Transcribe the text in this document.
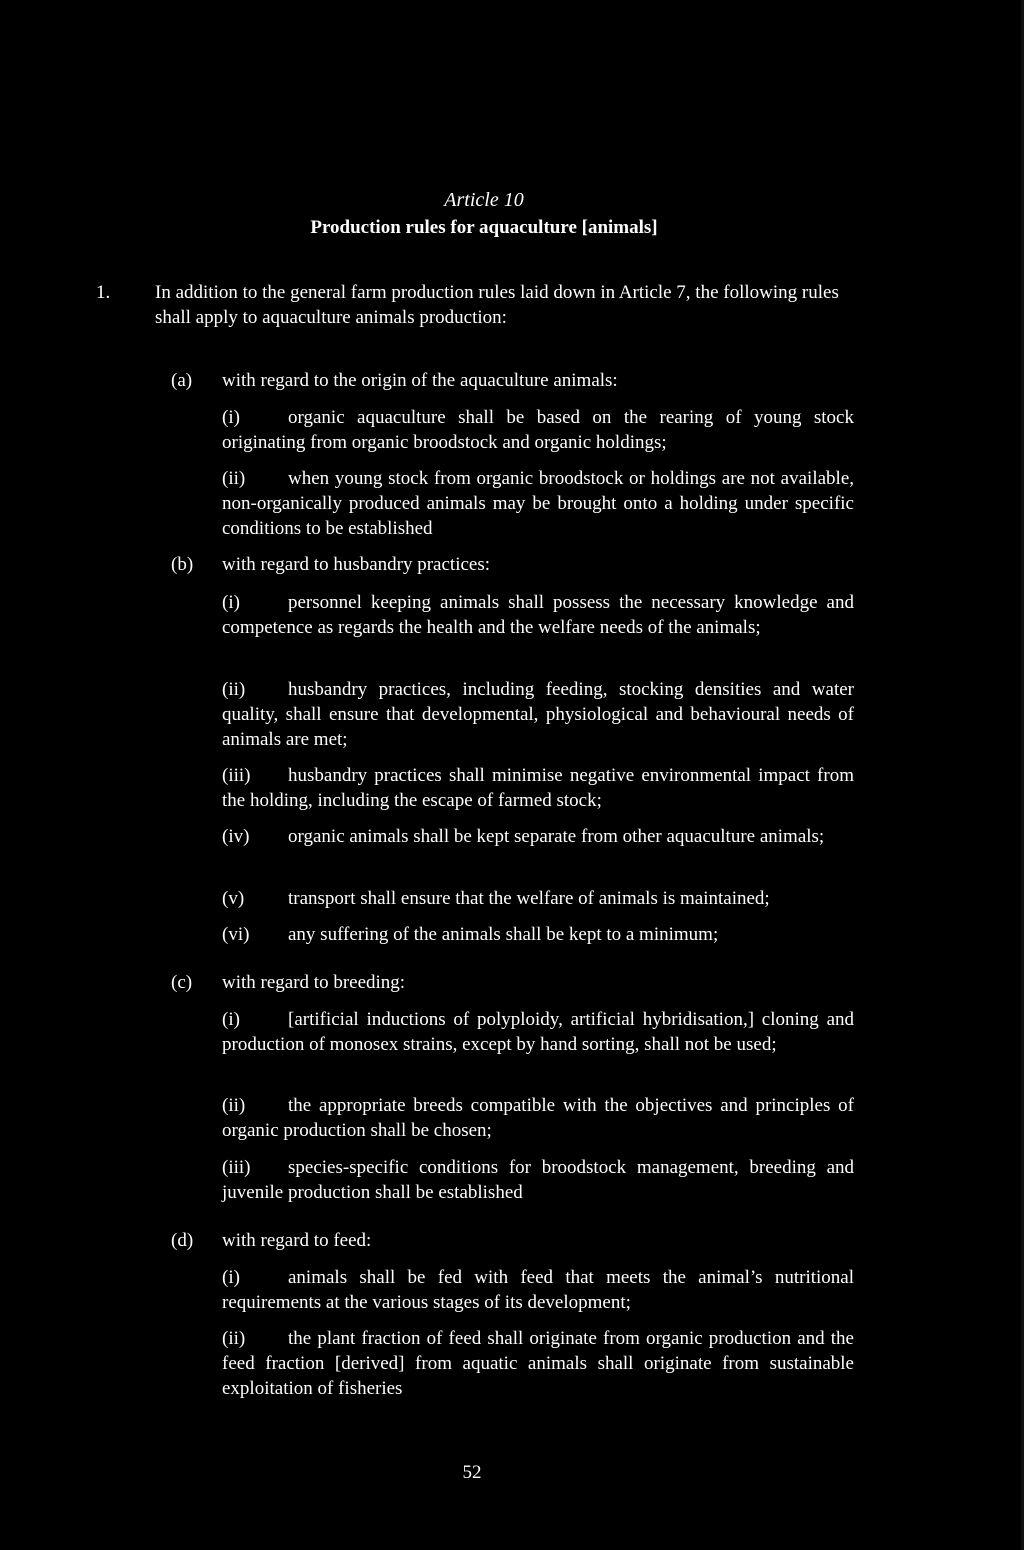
Article 10
Production rules for aquaculture [animals]
1. In addition to the general farm production rules laid down in Article 7, the following rules shall apply to aquaculture animals production:
(a) with regard to the origin of the aquaculture animals:
(i)	organic aquaculture shall be based on the rearing of young stock originating from organic broodstock and organic holdings;
(ii) when young stock from organic broodstock or holdings are not available, non-organically produced animals may be brought onto a holding under specific conditions to be established
(b) with regard to husbandry practices:
(i)	personnel keeping animals shall possess the necessary knowledge and competence as regards the health and the welfare needs of the animals;
(ii) husbandry practices, including feeding, stocking densities and water quality, shall ensure that developmental, physiological and behavioural needs of animals are met;
(iii) husbandry practices shall minimise negative environmental impact from the holding, including the escape of farmed stock;
(iv) organic animals shall be kept separate from other aquaculture animals;
(v) transport shall ensure that the welfare of animals is maintained;
(vi) any suffering of the animals shall be kept to a minimum;
(c) with regard to breeding:
(i)	[artificial inductions of polyploidy, artificial hybridisation,] cloning and production of monosex strains, except by hand sorting, shall not be used;
(ii) the appropriate breeds compatible with the objectives and principles of organic production shall be chosen;
(iii) species-specific conditions for broodstock management, breeding and juvenile production shall be established
(d) with regard to feed:
(i)	animals shall be fed with feed that meets the animal’s nutritional requirements at the various stages of its development;
(ii) the plant fraction of feed shall originate from organic production and the feed fraction [derived] from aquatic animals shall originate from sustainable exploitation of fisheries
52
